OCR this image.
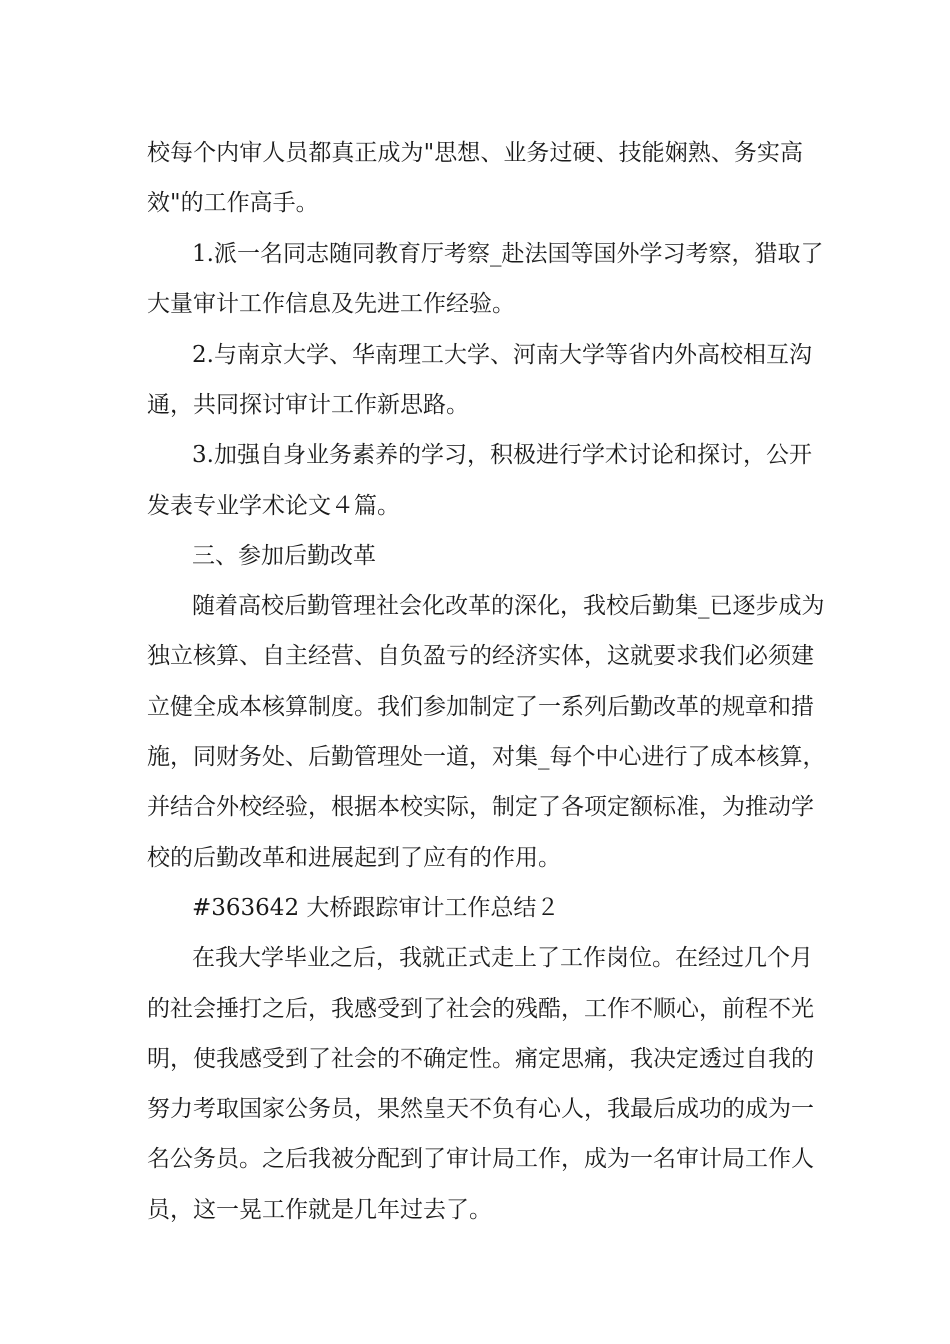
校每个内审人员都真正成为"思想、业务过硬、技能娴熟、务实高
效"的工作高手。
1.派一名同志随同教育厅考察_赴法国等国外学习考察，猎取了
大量审计工作信息及先进工作经验。
2.与南京大学、华南理工大学、河南大学等省内外高校相互沟
通，共同探讨审计工作新思路。
3.加强自身业务素养的学习，积极进行学术讨论和探讨，公开
发表专业学术论文４篇。
三、参加后勤改革
随着高校后勤管理社会化改革的深化，我校后勤集_已逐步成为
独立核算、自主经营、自负盈亏的经济实体，这就要求我们必须建
立健全成本核算制度。我们参加制定了一系列后勤改革的规章和措
施，同财务处、后勤管理处一道，对集_每个中心进行了成本核算，
并结合外校经验，根据本校实际，制定了各项定额标准，为推动学
校的后勤改革和进展起到了应有的作用。
#363642 大桥跟踪审计工作总结２
在我大学毕业之后，我就正式走上了工作岗位。在经过几个月
的社会捶打之后，我感受到了社会的残酷，工作不顺心，前程不光
明，使我感受到了社会的不确定性。痛定思痛，我决定透过自我的
努力考取国家公务员，果然皇天不负有心人，我最后成功的成为一
名公务员。之后我被分配到了审计局工作，成为一名审计局工作人
员，这一晃工作就是几年过去了。
